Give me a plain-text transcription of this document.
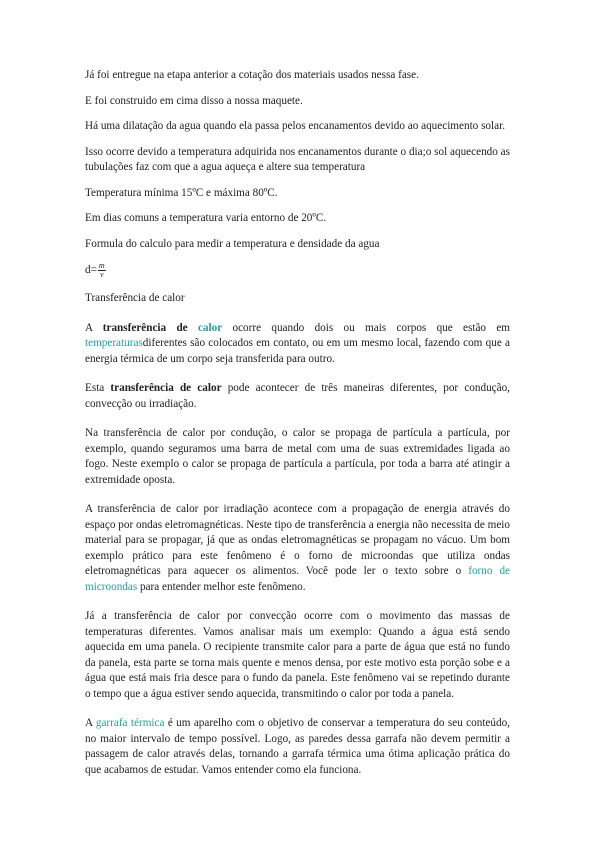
Já foi entregue na etapa anterior a cotação dos materiais usados nessa fase.

E foi construido em cima disso a nossa maquete.

Há uma dilatação da agua quando ela passa pelos encanamentos devido ao aquecimento solar.

Isso ocorre devido a temperatura adquirida nos encanamentos durante o dia;o sol aquecendo as tubulações faz com que a agua aqueça e altere sua temperatura

Temperatura mínima 15ºC e máxima 80ºC.

Em dias comuns a temperatura varia entorno de 20ºC.

Formula do calculo para medir a temperatura e densidade da agua

$d= \frac{m}{v}$

Transferência de calor

A transferência de calor ocorre quando dois ou mais corpos que estão em temperaturasdiferentes são colocados em contato, ou em um mesmo local, fazendo com que a energia térmica de um corpo seja transferida para outro.

Esta transferência de calor pode acontecer de três maneiras diferentes, por condução, convecção ou irradiação.

Na transferência de calor por condução, o calor se propaga de partícula a partícula, por exemplo, quando seguramos uma barra de metal com uma de suas extremidades ligada ao fogo. Neste exemplo o calor se propaga de partícula a partícula, por toda a barra até atingir a extremidade oposta.

A transferência de calor por irradiação acontece com a propagação de energia através do espaço por ondas eletromagnéticas. Neste tipo de transferência a energia não necessita de meio material para se propagar, já que as ondas eletromagnéticas se propagam no vácuo. Um bom exemplo prático para este fenômeno é o forno de microondas que utiliza ondas eletromagnéticas para aquecer os alimentos. Você pode ler o texto sobre o forno de microondas para entender melhor este fenômeno.

Já a transferência de calor por convecção ocorre com o movimento das massas de temperaturas diferentes. Vamos analisar mais um exemplo: Quando a água está sendo aquecida em uma panela. O recipiente transmite calor para a parte de água que está no fundo da panela, esta parte se torna mais quente e menos densa, por este motivo esta porção sobe e a água que está mais fria desce para o fundo da panela. Este fenômeno vai se repetindo durante o tempo que a água estiver sendo aquecida, transmitindo o calor por toda a panela.

A garrafa térmica é um aparelho com o objetivo de conservar a temperatura do seu conteúdo, no maior intervalo de tempo possível. Logo, as paredes dessa garrafa não devem permitir a passagem de calor através delas, tornando a garrafa térmica uma ótima aplicação prática do que acabamos de estudar. Vamos entender como ela funciona.
